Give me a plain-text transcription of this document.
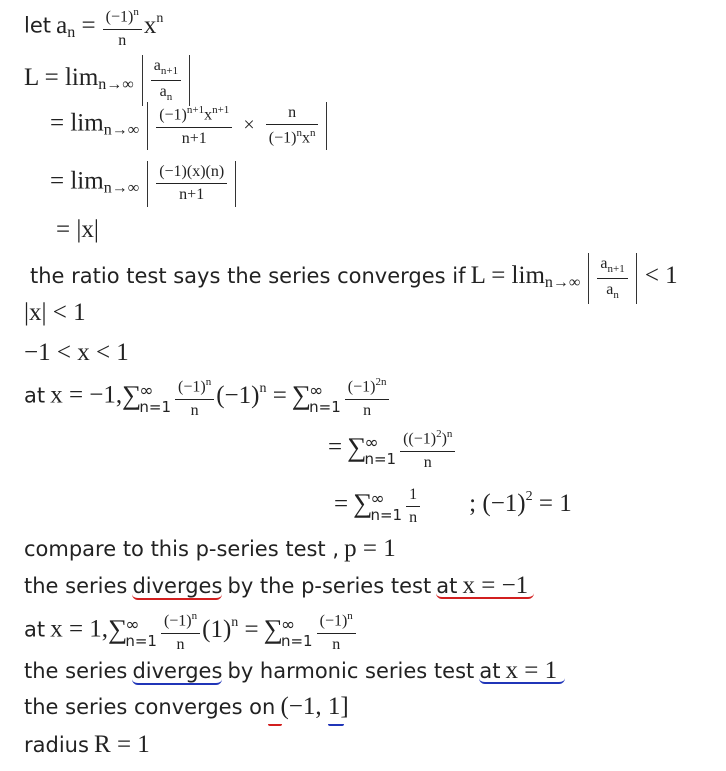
let $a_n = \frac{(-1)^n}{n} x^n$
$L = \lim n\to\infty \frac{a_{n+1}}{a_n}$
= $\lim n\to\infty \frac{(-1)^{n+1}x^{n+1}}{n+1} \times \frac{n}{(-1)^nx^n}$
= $\lim n\to\infty \frac{(-1)(x)(n)}{n+1}$
= |x|
the ratio test says the series converges if $L = \lim n\to\infty \frac{a_{n+1}}{a_n} < 1$
|x| < 1
−1 < x < 1
at x = −1,∑
∞
$n=1 \frac{(-1)^n}{n} (-1)^n$ = ∑
∞
$n=1 \frac{(-1)^{2n}}{n}$
= ∑
∞
$n=1 \frac{((-1)^2)^n}{n}$
= ∑
∞
$n=1 \frac{1}{n}$ ; $(-1)^2 = 1$
compare to this p-series test , p = 1
the series diverges by the p-series test at x = −1
at x = 1,∑
∞
$n=1 \frac{(-1)^n}{n} (1)^n$ = ∑
∞
$n=1 \frac{(-1)^n}{n}$
the series diverges by harmonic series test at x = 1
the series converges on (−1, 1]
radius R = 1
